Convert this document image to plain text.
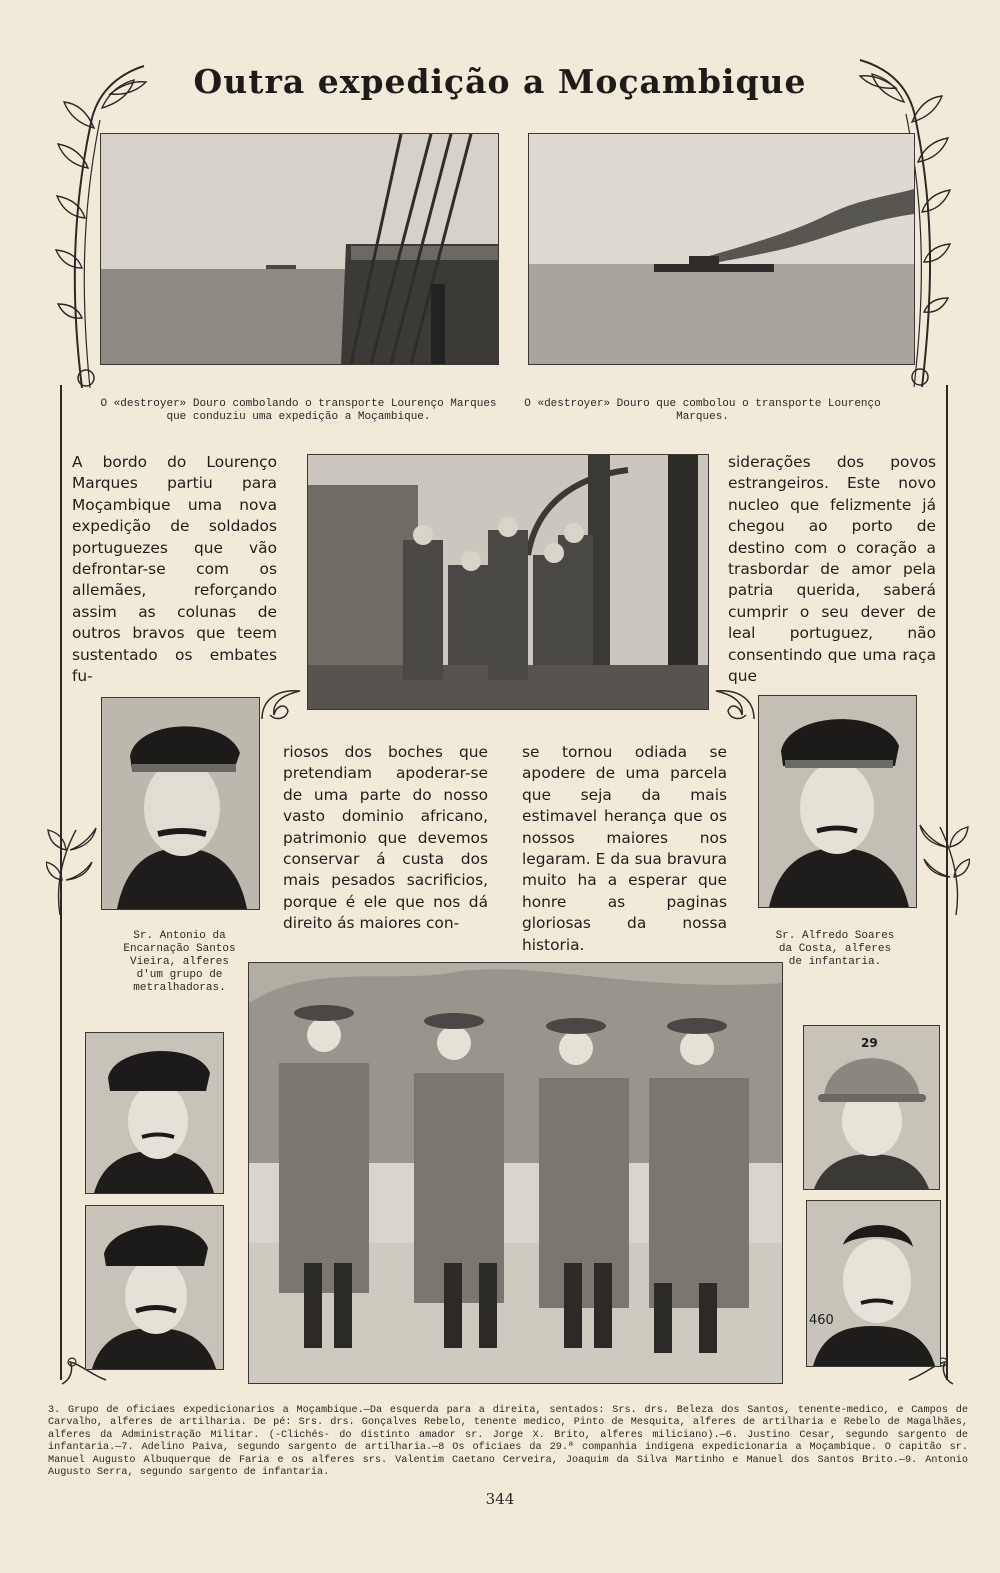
Outra expedição a Moçambique
O «destroyer» Douro combolando o transporte Lourenço Marques que conduziu uma expedição a Moçambique.
O «destroyer» Douro que combolou o transporte Lourenço Marques.

A bordo do Lourenço Marques partiu para Moçambique uma nova expedição de soldados portuguezes que vão defrontar-se com os allemães, reforçando assim as colunas de outros bravos que teem sustentado os embates fu-

siderações dos povos estrangeiros. Este novo nucleo que felizmente já chegou ao porto de destino com o coração a trasbordar de amor pela patria querida, saberá cumprir o seu dever de leal portuguez, não consentindo que uma raça que

riosos dos boches que pretendiam apoderar-se de uma parte do nosso vasto dominio africano, patrimonio que devemos conservar á custa dos mais pesados sacrificios, porque é ele que nos dá direito ás maiores con-

se tornou odiada se apodere de uma parcela que seja da mais estimavel herança que os nossos maiores nos legaram. E da sua bravura muito ha a esperar que honre as paginas gloriosas da nossa historia.

Sr. Antonio da Encarnação Santos Vieira, alferes d'um grupo de metralhadoras.
Sr. Alfredo Soares da Costa, alferes de infantaria.
29
460
3. Grupo de oficiaes expedicionarios a Moçambique.—Da esquerda para a direita, sentados: Srs. drs. Beleza dos Santos, tenente-medico, e Campos de Carvalho, alferes de artilharia. De pé: Srs. drs. Gonçalves Rebelo, tenente medico, Pinto de Mesquita, alferes de artilharia e Rebelo de Magalhães, alferes da Administração Militar. (-Clichés- do distinto amador sr. Jorge X. Brito, alferes miliciano).—6. Justino Cesar, segundo sargento de infantaria.—7. Adelino Paiva, segundo sargento de artilharia.—8 Os oficiaes da 29.ª companhia indigena expedicionaria a Moçambique. O capitão sr. Manuel Augusto Albuquerque de Faria e os alferes srs. Valentim Caetano Cerveira, Joaquim da Silva Martinho e Manuel dos Santos Brito.—9. Antonio Augusto Serra, segundo sargento de infantaria.
344
